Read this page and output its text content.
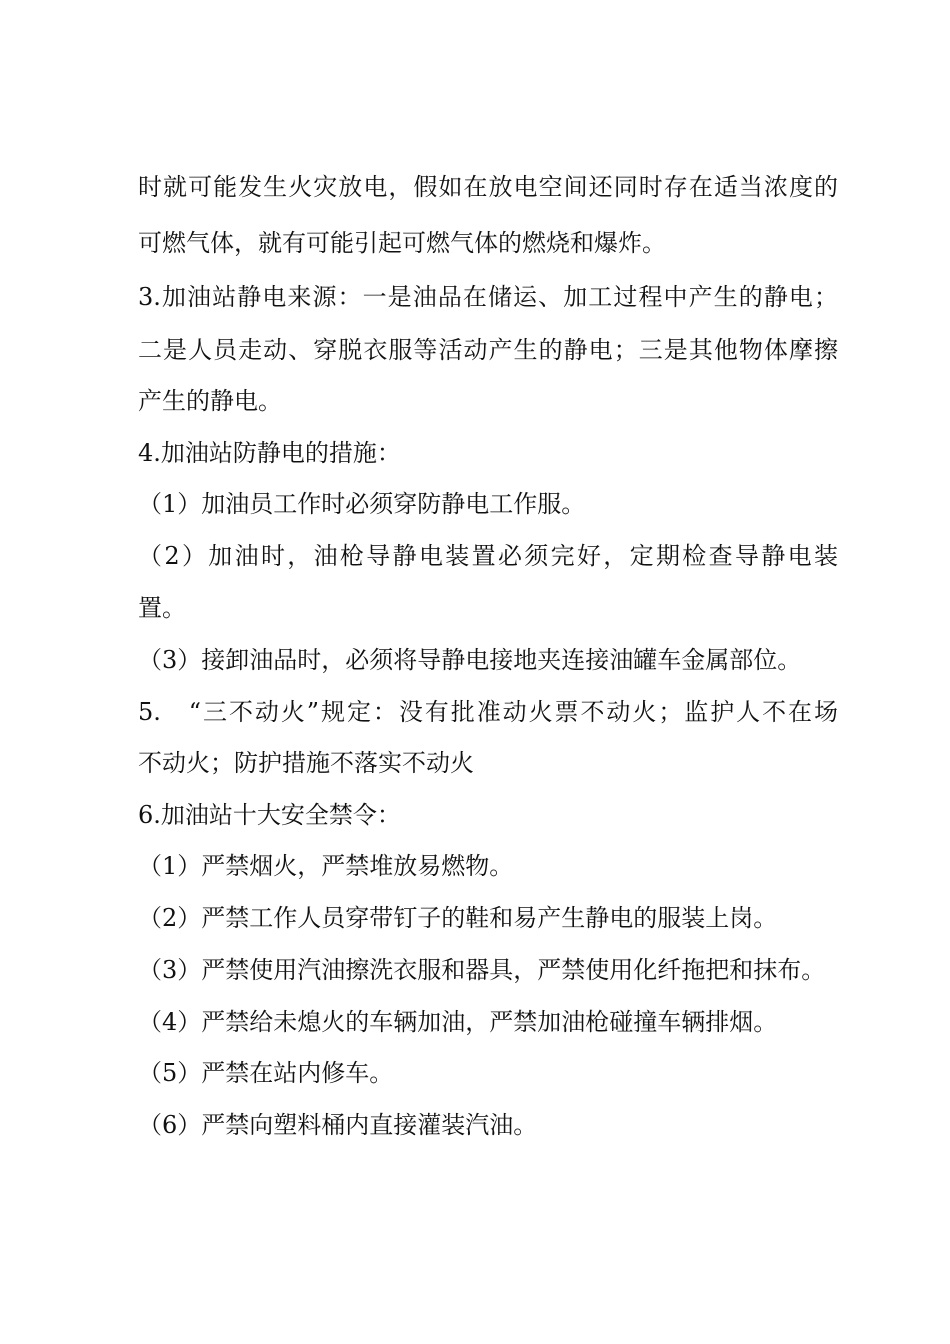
时就可能发生火灾放电，假如在放电空间还同时存在适当浓度的
可燃气体，就有可能引起可燃气体的燃烧和爆炸。
3.加油站静电来源：一是油品在储运、加工过程中产生的静电；
二是人员走动、穿脱衣服等活动产生的静电；三是其他物体摩擦
产生的静电。
4.加油站防静电的措施：
（1）加油员工作时必须穿防静电工作服。
（2）加油时，油枪导静电装置必须完好，定期检查导静电装
置。
（3）接卸油品时，必须将导静电接地夹连接油罐车金属部位。
5.　“三不动火”规定：没有批准动火票不动火；监护人不在场
不动火；防护措施不落实不动火
6.加油站十大安全禁令：
（1）严禁烟火，严禁堆放易燃物。
（2）严禁工作人员穿带钉子的鞋和易产生静电的服装上岗。
（3）严禁使用汽油擦洗衣服和器具，严禁使用化纤拖把和抹布。
（4）严禁给未熄火的车辆加油，严禁加油枪碰撞车辆排烟。
（5）严禁在站内修车。
（6）严禁向塑料桶内直接灌装汽油。
